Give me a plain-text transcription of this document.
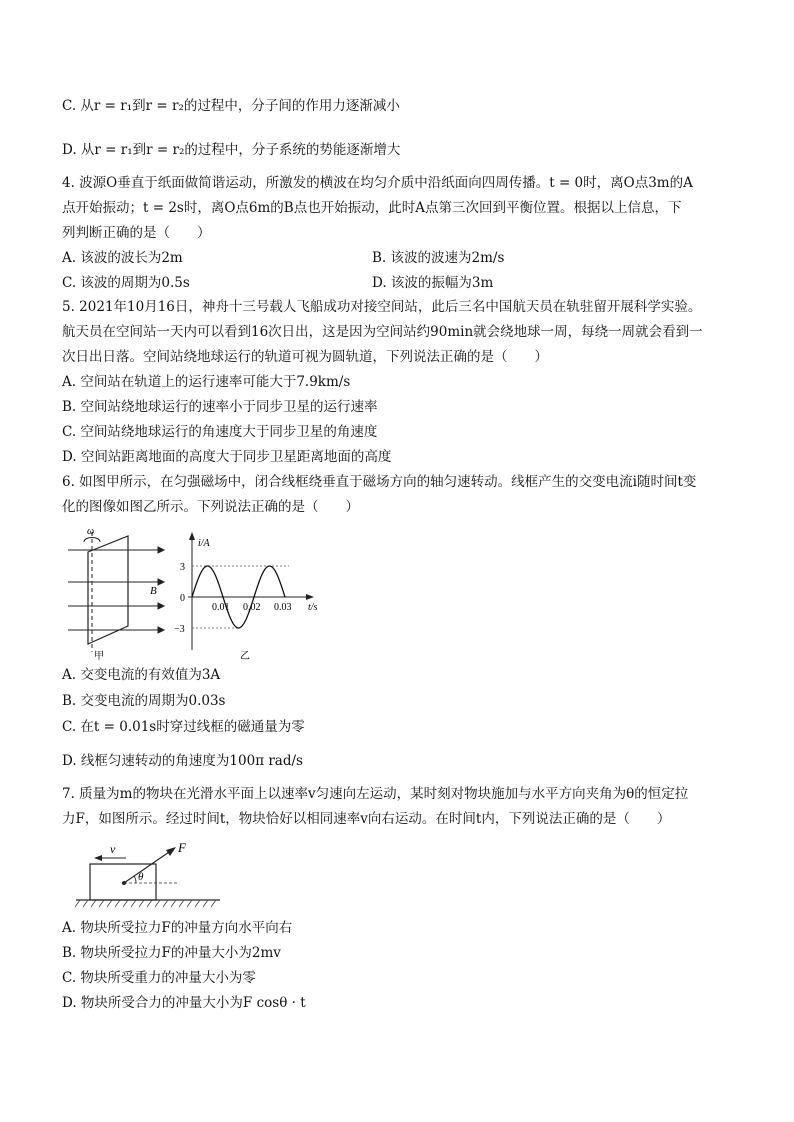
C. 从r = r₁到r = r₂的过程中，分子间的作用力逐渐减小
D. 从r = r₁到r = r₂的过程中，分子系统的势能逐渐增大
4. 波源O垂直于纸面做简谐运动，所激发的横波在均匀介质中沿纸面向四周传播。t = 0时，离O点3m的A
点开始振动；t = 2s时，离O点6m的B点也开始振动，此时A点第三次回到平衡位置。根据以上信息，下
列判断正确的是（　　）
A. 该波的波长为2m	B. 该波的波速为2m/s
C. 该波的周期为0.5s	D. 该波的振幅为3m
5. 2021年10月16日，神舟十三号载人飞船成功对接空间站，此后三名中国航天员在轨驻留开展科学实验。
航天员在空间站一天内可以看到16次日出，这是因为空间站约90min就会绕地球一周，每绕一周就会看到一
次日出日落。空间站绕地球运行的轨道可视为圆轨道，下列说法正确的是（　　）
A. 空间站在轨道上的运行速率可能大于7.9km/s
B. 空间站绕地球运行的速率小于同步卫星的运行速率
C. 空间站绕地球运行的角速度大于同步卫星的角速度
D. 空间站距离地面的高度大于同步卫星距离地面的高度
6. 如图甲所示，在匀强磁场中，闭合线框绕垂直于磁场方向的轴匀速转动。线框产生的交变电流i随时间t变
化的图像如图乙所示。下列说法正确的是（　　）
ω
B
甲
i/A
t/s
3
0
−3
0.01 0.02 0.03
乙
A. 交变电流的有效值为3A
B. 交变电流的周期为0.03s
C. 在t = 0.01s时穿过线框的磁通量为零
D. 线框匀速转动的角速度为100π rad/s
7. 质量为m的物块在光滑水平面上以速率v匀速向左运动，某时刻对物块施加与水平方向夹角为θ的恒定拉
力F，如图所示。经过时间t，物块恰好以相同速率v向右运动。在时间t内，下列说法正确的是（　　）
v	F
θ
A. 物块所受拉力F的冲量方向水平向右
B. 物块所受拉力F的冲量大小为2mv
C. 物块所受重力的冲量大小为零
D. 物块所受合力的冲量大小为F cosθ · t
